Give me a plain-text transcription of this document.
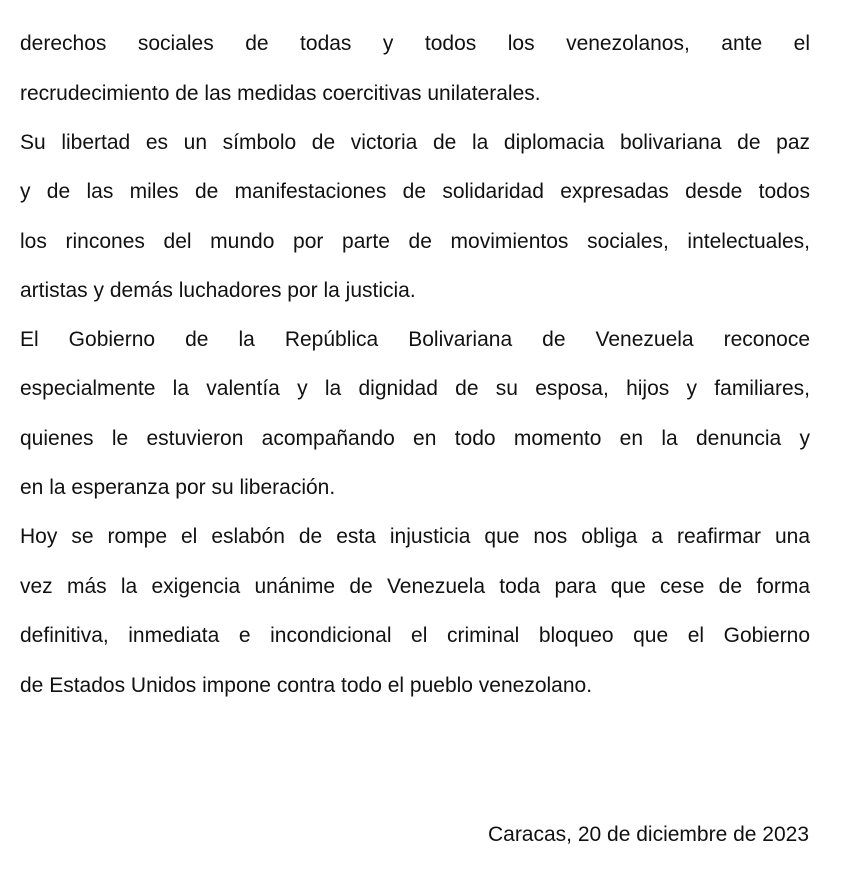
derechos sociales de todas y todos los venezolanos, ante el
recrudecimiento de las medidas coercitivas unilaterales.
Su libertad es un símbolo de victoria de la diplomacia bolivariana de paz
y de las miles de manifestaciones de solidaridad expresadas desde todos
los rincones del mundo por parte de movimientos sociales, intelectuales,
artistas y demás luchadores por la justicia.
El Gobierno de la República Bolivariana de Venezuela reconoce
especialmente la valentía y la dignidad de su esposa, hijos y familiares,
quienes le estuvieron acompañando en todo momento en la denuncia y
en la esperanza por su liberación.
Hoy se rompe el eslabón de esta injusticia que nos obliga a reafirmar una
vez más la exigencia unánime de Venezuela toda para que cese de forma
definitiva, inmediata e incondicional el criminal bloqueo que el Gobierno
de Estados Unidos impone contra todo el pueblo venezolano.
Caracas, 20 de diciembre de 2023
